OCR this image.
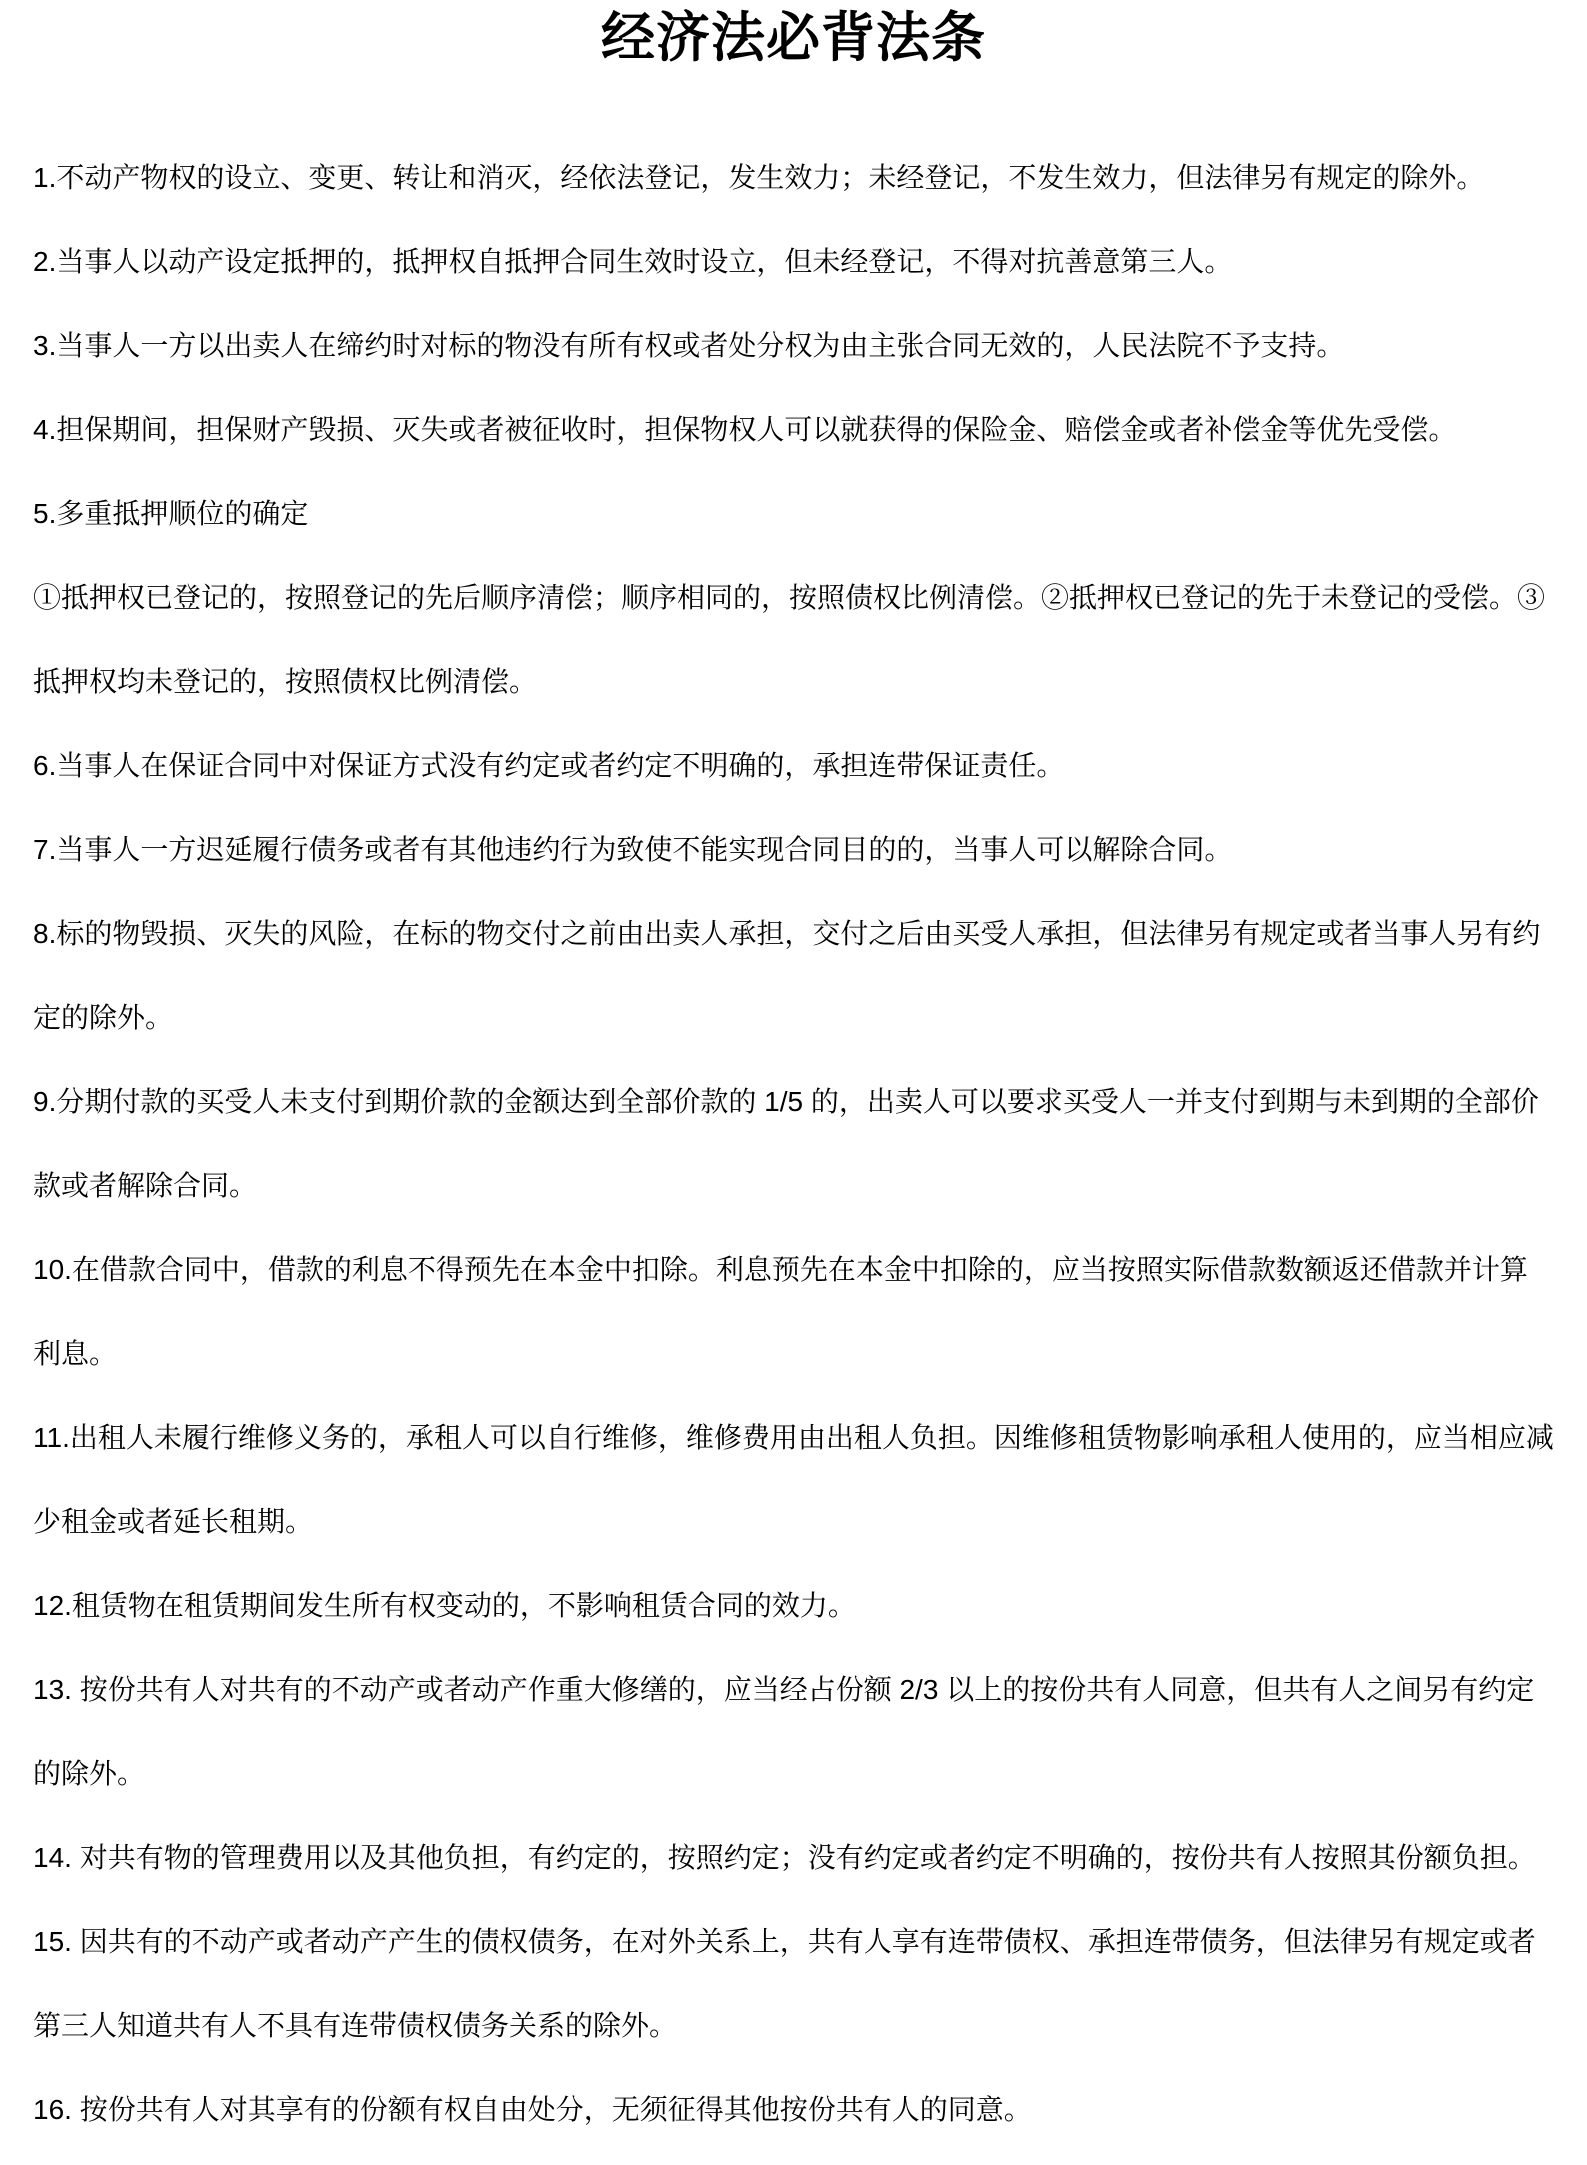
经济法必背法条

1.不动产物权的设立、变更、转让和消灭，经依法登记，发生效力；未经登记，不发生效力，但法律另有规定的除外。

2.当事人以动产设定抵押的，抵押权自抵押合同生效时设立，但未经登记，不得对抗善意第三人。

3.当事人一方以出卖人在缔约时对标的物没有所有权或者处分权为由主张合同无效的，人民法院不予支持。

4.担保期间，担保财产毁损、灭失或者被征收时，担保物权人可以就获得的保险金、赔偿金或者补偿金等优先受偿。

5.多重抵押顺位的确定

①抵押权已登记的，按照登记的先后顺序清偿；顺序相同的，按照债权比例清偿。②抵押权已登记的先于未登记的受偿。③抵押权均未登记的，按照债权比例清偿。

6.当事人在保证合同中对保证方式没有约定或者约定不明确的，承担连带保证责任。

7.当事人一方迟延履行债务或者有其他违约行为致使不能实现合同目的的，当事人可以解除合同。

8.标的物毁损、灭失的风险，在标的物交付之前由出卖人承担，交付之后由买受人承担，但法律另有规定或者当事人另有约定的除外。

9.分期付款的买受人未支付到期价款的金额达到全部价款的 1/5 的，出卖人可以要求买受人一并支付到期与未到期的全部价款或者解除合同。

10.在借款合同中，借款的利息不得预先在本金中扣除。利息预先在本金中扣除的，应当按照实际借款数额返还借款并计算利息。

11.出租人未履行维修义务的，承租人可以自行维修，维修费用由出租人负担。因维修租赁物影响承租人使用的，应当相应减少租金或者延长租期。

12.租赁物在租赁期间发生所有权变动的，不影响租赁合同的效力。

13. 按份共有人对共有的不动产或者动产作重大修缮的，应当经占份额 2/3 以上的按份共有人同意，但共有人之间另有约定的除外。

14. 对共有物的管理费用以及其他负担，有约定的，按照约定；没有约定或者约定不明确的，按份共有人按照其份额负担。

15. 因共有的不动产或者动产产生的债权债务，在对外关系上，共有人享有连带债权、承担连带债务，但法律另有规定或者第三人知道共有人不具有连带债权债务关系的除外。

16. 按份共有人对其享有的份额有权自由处分，无须征得其他按份共有人的同意。
